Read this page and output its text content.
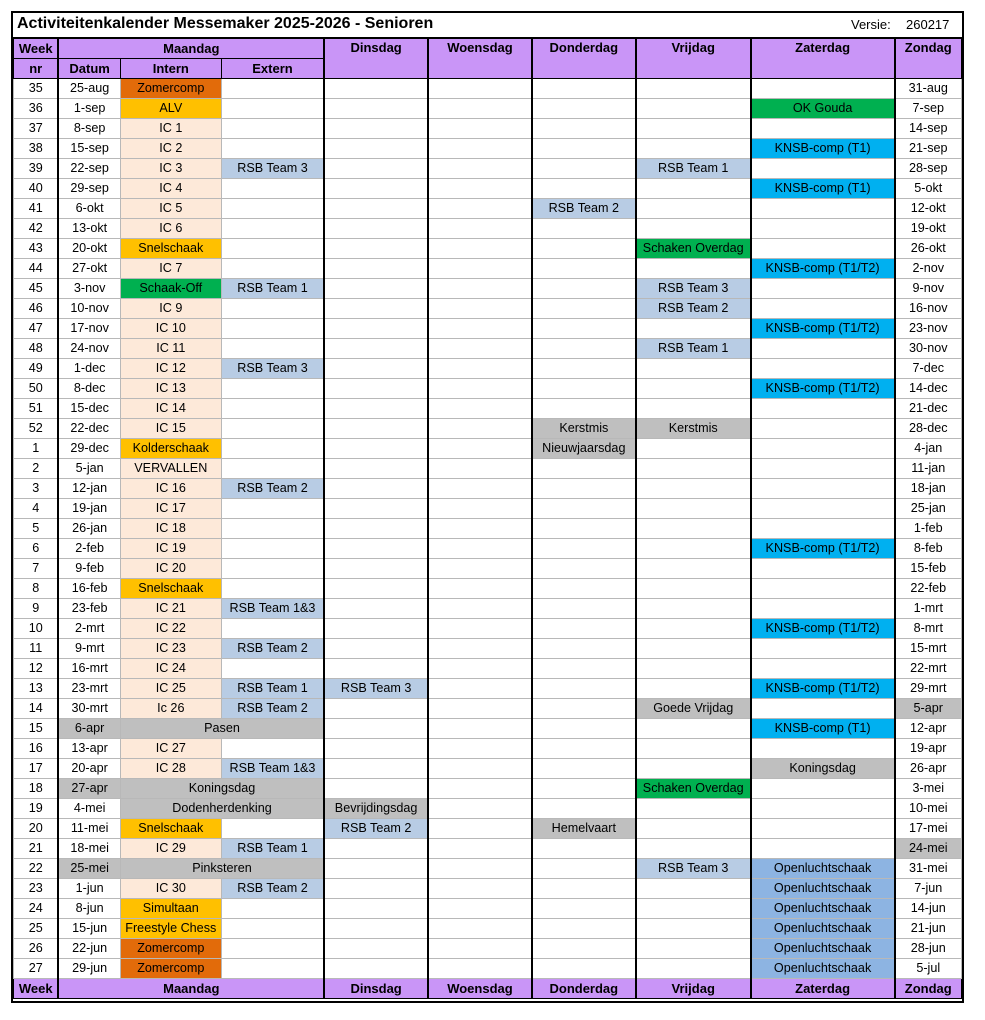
Activiteitenkalender Messemaker 2025-2026 - Senioren	Versie: 260217
Week	Maandag			Dinsdag	Woensdag	Donderdag	Vrijdag	Zaterdag	Zondag
nr	Datum	Intern	Extern						
35	25-aug	Zomercomp							31-aug
36	1-sep	ALV						OK Gouda	7-sep
37	8-sep	IC 1							14-sep
38	15-sep	IC 2						KNSB-comp (T1)	21-sep
39	22-sep	IC 3	RSB Team 3				RSB Team 1		28-sep
40	29-sep	IC 4						KNSB-comp (T1)	5-okt
41	6-okt	IC 5				RSB Team 2			12-okt
42	13-okt	IC 6							19-okt
43	20-okt	Snelschaak					Schaken Overdag		26-okt
44	27-okt	IC 7						KNSB-comp (T1/T2)	2-nov
45	3-nov	Schaak-Off	RSB Team 1				RSB Team 3		9-nov
46	10-nov	IC 9					RSB Team 2		16-nov
47	17-nov	IC 10						KNSB-comp (T1/T2)	23-nov
48	24-nov	IC 11					RSB Team 1		30-nov
49	1-dec	IC 12	RSB Team 3						7-dec
50	8-dec	IC 13						KNSB-comp (T1/T2)	14-dec
51	15-dec	IC 14							21-dec
52	22-dec	IC 15				Kerstmis	Kerstmis		28-dec
1	29-dec	Kolderschaak				Nieuwjaarsdag			4-jan
2	5-jan	VERVALLEN							11-jan
3	12-jan	IC 16	RSB Team 2						18-jan
4	19-jan	IC 17							25-jan
5	26-jan	IC 18							1-feb
6	2-feb	IC 19						KNSB-comp (T1/T2)	8-feb
7	9-feb	IC 20							15-feb
8	16-feb	Snelschaak							22-feb
9	23-feb	IC 21	RSB Team 1&3						1-mrt
10	2-mrt	IC 22						KNSB-comp (T1/T2)	8-mrt
11	9-mrt	IC 23	RSB Team 2						15-mrt
12	16-mrt	IC 24							22-mrt
13	23-mrt	IC 25	RSB Team 1	RSB Team 3				KNSB-comp (T1/T2)	29-mrt
14	30-mrt	Ic 26	RSB Team 2				Goede Vrijdag		5-apr
15	6-apr	Pasen						KNSB-comp (T1)	12-apr
16	13-apr	IC 27							19-apr
17	20-apr	IC 28	RSB Team 1&3					Koningsdag	26-apr
18	27-apr	Koningsdag					Schaken Overdag		3-mei
19	4-mei	Dodenherdenking		Bevrijdingsdag					10-mei
20	11-mei	Snelschaak		RSB Team 2		Hemelvaart			17-mei
21	18-mei	IC 29	RSB Team 1						24-mei
22	25-mei	Pinksteren					RSB Team 3	Openluchtschaak	31-mei
23	1-jun	IC 30	RSB Team 2					Openluchtschaak	7-jun
24	8-jun	Simultaan						Openluchtschaak	14-jun
25	15-jun	Freestyle Chess						Openluchtschaak	21-jun
26	22-jun	Zomercomp						Openluchtschaak	28-jun
27	29-jun	Zomercomp						Openluchtschaak	5-jul
Week	Maandag			Dinsdag	Woensdag	Donderdag	Vrijdag	Zaterdag	Zondag
